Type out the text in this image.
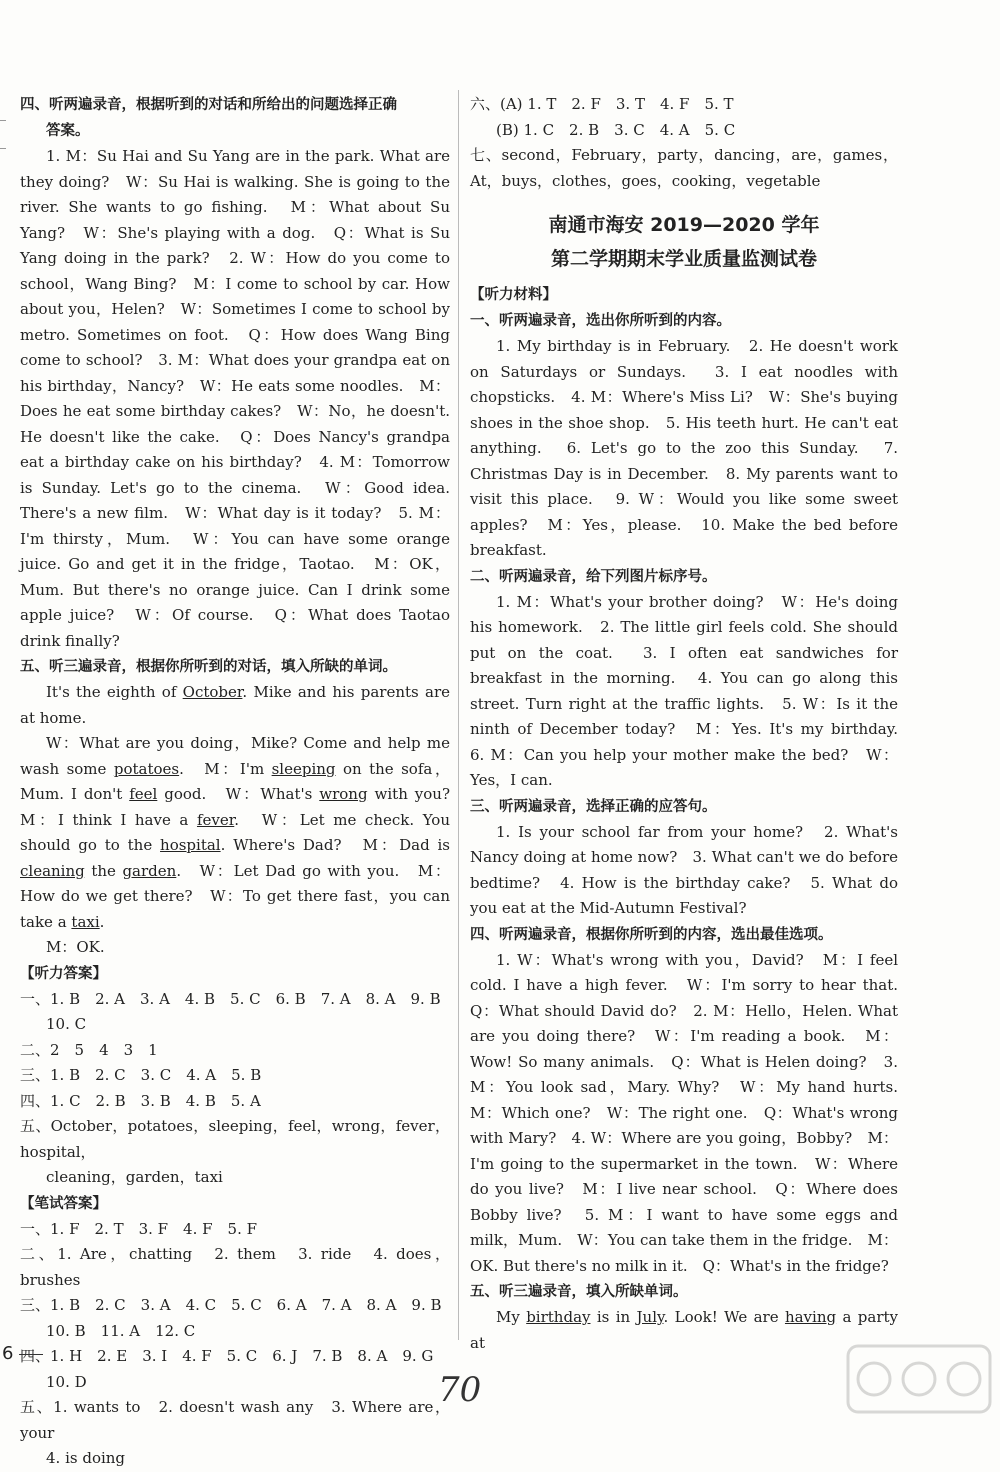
四、听两遍录音，根据听到的对话和所给出的问题选择正确

答案。

1. M：Su Hai and Su Yang are in the park. What are they doing?　W：Su Hai is walking. She is going to the river. She wants to go fishing.　M：What about Su Yang?　W：She's playing with a dog.　Q：What is Su Yang doing in the park?　2. W：How do you come to school，Wang Bing?　M：I come to school by car. How about you，Helen?　W：Sometimes I come to school by metro. Sometimes on foot.　Q：How does Wang Bing come to school?　3. M：What does your grandpa eat on his birthday，Nancy?　W：He eats some noodles.　M：Does he eat some birthday cakes?　W：No，he doesn't. He doesn't like the cake.　Q：Does Nancy's grandpa eat a birthday cake on his birthday?　4. M：Tomorrow is Sunday. Let's go to the cinema.　W：Good idea. There's a new film.　W：What day is it today?　5. M：I'm thirsty，Mum.　W：You can have some orange juice. Go and get it in the fridge，Taotao.　M：OK，Mum. But there's no orange juice. Can I drink some apple juice?　W：Of course.　Q：What does Taotao drink finally?

五、听三遍录音，根据你所听到的对话，填入所缺的单词。

It's the eighth of October. Mike and his parents are at home.

W：What are you doing，Mike? Come and help me wash some potatoes.　M：I'm sleeping on the sofa，Mum. I don't feel good.　W：What's wrong with you?　M：I think I have a fever.　W：Let me check. You should go to the hospital. Where's Dad?　M：Dad is cleaning the garden.　W：Let Dad go with you.　M：How do we get there?　W：To get there fast，you can take a taxi.

M：OK.

【听力答案】

一、1. B　2. A　3. A　4. B　5. C　6. B　7. A　8. A　9. B

10. C

二、2　5　4　3　1

三、1. B　2. C　3. C　4. A　5. B

四、1. C　2. B　3. B　4. B　5. A

五、October，potatoes，sleeping，feel，wrong，fever，hospital，

cleaning，garden，taxi

【笔试答案】

一、1. F　2. T　3. F　4. F　5. F

二、1. Are，chatting　2. them　3. ride　4. does，brushes

三、1. B　2. C　3. A　4. C　5. C　6. A　7. A　8. A　9. B

10. B　11. A　12. C

四、1. H　2. E　3. I　4. F　5. C　6. J　7. B　8. A　9. G

10. D

五、1. wants to　2. doesn't wash any　3. Where are，your

4. is doing

六、(A) 1. T　2. F　3. T　4. F　5. T

(B) 1. C　2. B　3. C　4. A　5. C

七、second，February，party，dancing，are，games，At，buys，clothes，goes，cooking，vegetable

南通市海安 2019—2020 学年

第二学期期末学业质量监测试卷

【听力材料】

一、听两遍录音，选出你所听到的内容。

1. My birthday is in February.　2. He doesn't work on Saturdays or Sundays.　3. I eat noodles with chopsticks.　4. M：Where's Miss Li?　W：She's buying shoes in the shoe shop.　5. His teeth hurt. He can't eat anything.　6. Let's go to the zoo this Sunday.　7. Christmas Day is in December.　8. My parents want to visit this place.　9. W：Would you like some sweet apples?　M：Yes，please.　10. Make the bed before breakfast.

二、听两遍录音，给下列图片标序号。

1. M：What's your brother doing?　W：He's doing his homework.　2. The little girl feels cold. She should put on the coat.　3. I often eat sandwiches for breakfast in the morning.　4. You can go along this street. Turn right at the traffic lights.　5. W：Is it the ninth of December today?　M：Yes. It's my birthday.　6. M：Can you help your mother make the bed?　W：Yes，I can.

三、听两遍录音，选择正确的应答句。

1. Is your school far from your home?　2. What's Nancy doing at home now?　3. What can't we do before bedtime?　4. How is the birthday cake?　5. What do you eat at the Mid-Autumn Festival?

四、听两遍录音，根据你所听到的内容，选出最佳选项。

1. W：What's wrong with you，David?　M：I feel cold. I have a high fever.　W：I'm sorry to hear that.　Q：What should David do?　2. M：Hello，Helen. What are you doing there?　W：I'm reading a book.　M：Wow! So many animals.　Q：What is Helen doing?　3. M：You look sad，Mary. Why?　W：My hand hurts.　M：Which one?　W：The right one.　Q：What's wrong with Mary?　4. W：Where are you going，Bobby?　M：I'm going to the supermarket in the town.　W：Where do you live?　M：I live near school.　Q：Where does Bobby live?　5. M：I want to have some eggs and milk，Mum.　W：You can take them in the fridge.　M：OK. But there's no milk in it.　Q：What's in the fridge?

五、听三遍录音，填入所缺单词。

My birthday is in July. Look! We are having a party at

6
70
